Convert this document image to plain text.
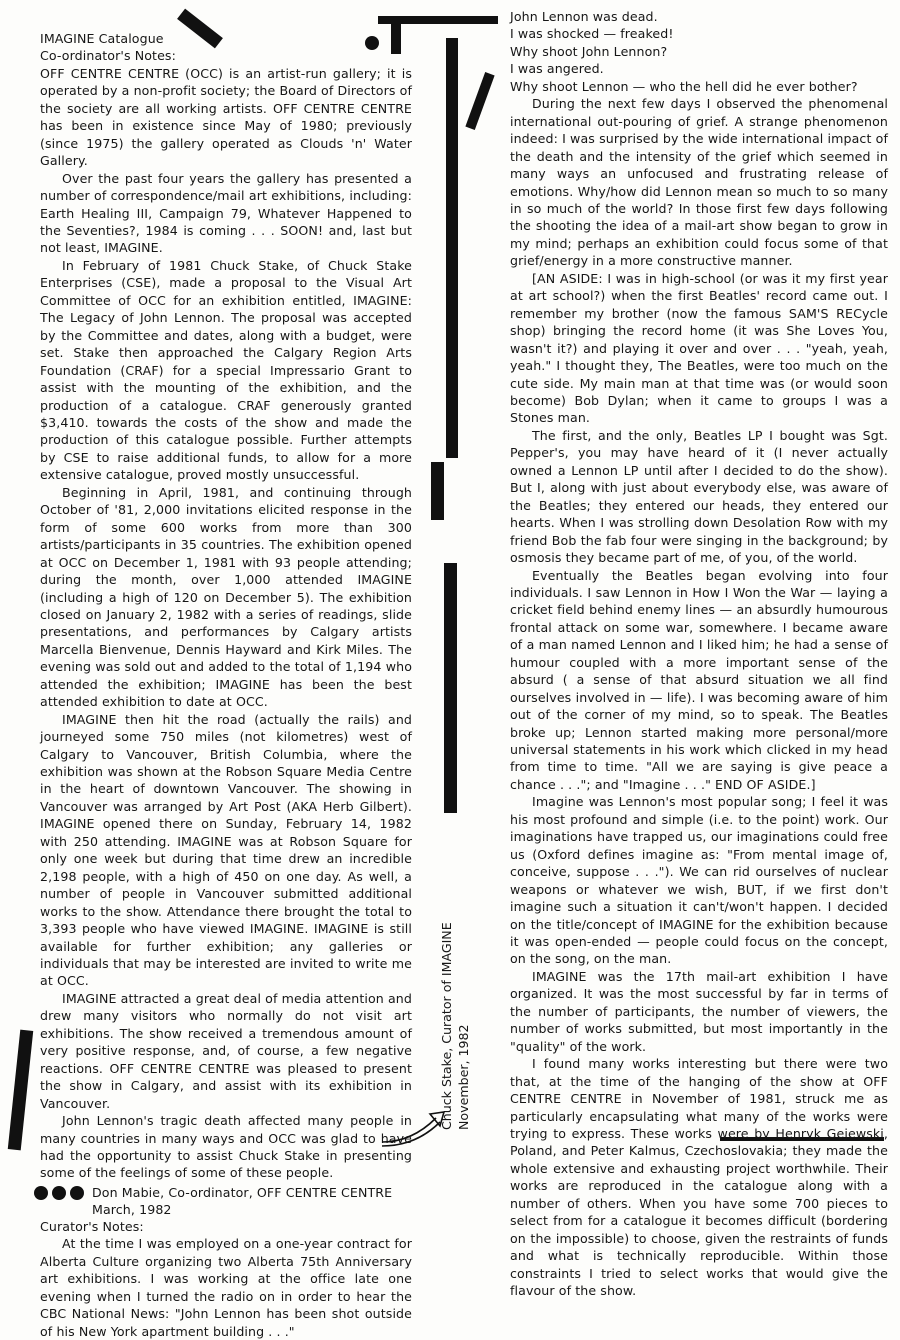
IMAGINE Catalogue
Co-ordinator's Notes:

OFF CENTRE CENTRE (OCC) is an artist-run gallery; it is operated by a non-profit society; the Board of Directors of the society are all working artists. OFF CENTRE CENTRE has been in existence since May of 1980; previously (since 1975) the gallery operated as Clouds 'n' Water Gallery.

Over the past four years the gallery has presented a number of correspondence/mail art exhibitions, including: Earth Healing III, Campaign 79, Whatever Happened to the Seventies?, 1984 is coming . . . SOON! and, last but not least, IMAGINE.

In February of 1981 Chuck Stake, of Chuck Stake Enterprises (CSE), made a proposal to the Visual Art Committee of OCC for an exhibition entitled, IMAGINE: The Legacy of John Lennon. The proposal was accepted by the Committee and dates, along with a budget, were set. Stake then approached the Calgary Region Arts Foundation (CRAF) for a special Impressario Grant to assist with the mounting of the exhibition, and the production of a catalogue. CRAF generously granted $3,410. towards the costs of the show and made the production of this catalogue possible. Further attempts by CSE to raise additional funds, to allow for a more extensive catalogue, proved mostly unsuccessful.

Beginning in April, 1981, and continuing through October of '81, 2,000 invitations elicited response in the form of some 600 works from more than 300 artists/participants in 35 countries. The exhibition opened at OCC on December 1, 1981 with 93 people attending; during the month, over 1,000 attended IMAGINE (including a high of 120 on December 5). The exhibition closed on January 2, 1982 with a series of readings, slide presentations, and performances by Calgary artists Marcella Bienvenue, Dennis Hayward and Kirk Miles. The evening was sold out and added to the total of 1,194 who attended the exhibition; IMAGINE has been the best attended exhibition to date at OCC.

IMAGINE then hit the road (actually the rails) and journeyed some 750 miles (not kilometres) west of Calgary to Vancouver, British Columbia, where the exhibition was shown at the Robson Square Media Centre in the heart of downtown Vancouver. The showing in Vancouver was arranged by Art Post (AKA Herb Gilbert). IMAGINE opened there on Sunday, February 14, 1982 with 250 attending. IMAGINE was at Robson Square for only one week but during that time drew an incredible 2,198 people, with a high of 450 on one day. As well, a number of people in Vancouver submitted additional works to the show. Attendance there brought the total to 3,393 people who have viewed IMAGINE. IMAGINE is still available for further exhibition; any galleries or individuals that may be interested are invited to write me at OCC.

IMAGINE attracted a great deal of media attention and drew many visitors who normally do not visit art exhibitions. The show received a tremendous amount of very positive response, and, of course, a few negative reactions. OFF CENTRE CENTRE was pleased to present the show in Calgary, and assist with its exhibition in Vancouver.

John Lennon's tragic death affected many people in many countries in many ways and OCC was glad to have had the opportunity to assist Chuck Stake in presenting some of the feelings of some of these people.

Don Mabie, Co-ordinator, OFF CENTRE CENTRE
March, 1982
Curator's Notes:

At the time I was employed on a one-year contract for Alberta Culture organizing two Alberta 75th Anniversary art exhibitions. I was working at the office late one evening when I turned the radio on in order to hear the CBC National News: "John Lennon has been shot outside of his New York apartment building . . ."

Chuck Stake, Curator of IMAGINE November, 1982
John Lennon was dead.
I was shocked — freaked!
Why shoot John Lennon?
I was angered.
Why shoot Lennon — who the hell did he ever bother?

During the next few days I observed the phenomenal international out-pouring of grief. A strange phenomenon indeed: I was surprised by the wide international impact of the death and the intensity of the grief which seemed in many ways an unfocused and frustrating release of emotions. Why/how did Lennon mean so much to so many in so much of the world? In those first few days following the shooting the idea of a mail-art show began to grow in my mind; perhaps an exhibition could focus some of that grief/energy in a more constructive manner.

[AN ASIDE: I was in high-school (or was it my first year at art school?) when the first Beatles' record came out. I remember my brother (now the famous SAM'S RECycle shop) bringing the record home (it was She Loves You, wasn't it?) and playing it over and over . . . "yeah, yeah, yeah." I thought they, The Beatles, were too much on the cute side. My main man at that time was (or would soon become) Bob Dylan; when it came to groups I was a Stones man.

The first, and the only, Beatles LP I bought was Sgt. Pepper's, you may have heard of it (I never actually owned a Lennon LP until after I decided to do the show). But I, along with just about everybody else, was aware of the Beatles; they entered our heads, they entered our hearts. When I was strolling down Desolation Row with my friend Bob the fab four were singing in the background; by osmosis they became part of me, of you, of the world.

Eventually the Beatles began evolving into four individuals. I saw Lennon in How I Won the War — laying a cricket field behind enemy lines — an absurdly humourous frontal attack on some war, somewhere. I became aware of a man named Lennon and I liked him; he had a sense of humour coupled with a more important sense of the absurd ( a sense of that absurd situation we all find ourselves involved in — life). I was becoming aware of him out of the corner of my mind, so to speak. The Beatles broke up; Lennon started making more personal/more universal statements in his work which clicked in my head from time to time. "All we are saying is give peace a chance . . ."; and "Imagine . . ." END OF ASIDE.]

Imagine was Lennon's most popular song; I feel it was his most profound and simple (i.e. to the point) work. Our imaginations have trapped us, our imaginations could free us (Oxford defines imagine as: "From mental image of, conceive, suppose . . ."). We can rid ourselves of nuclear weapons or whatever we wish, BUT, if we first don't imagine such a situation it can't/won't happen. I decided on the title/concept of IMAGINE for the exhibition because it was open-ended — people could focus on the concept, on the song, on the man.

IMAGINE was the 17th mail-art exhibition I have organized. It was the most successful by far in terms of the number of participants, the number of viewers, the number of works submitted, but most importantly in the "quality" of the work.

I found many works interesting but there were two that, at the time of the hanging of the show at OFF CENTRE CENTRE in November of 1981, struck me as particularly encapsulating what many of the works were trying to express. These works were by Henryk Gejewski, Poland, and Peter Kalmus, Czechoslovakia; they made the whole extensive and exhausting project worthwhile. Their works are reproduced in the catalogue along with a number of others. When you have some 700 pieces to select from for a catalogue it becomes difficult (bordering on the impossible) to choose, given the restraints of funds and what is technically reproducible. Within those constraints I tried to select works that would give the flavour of the show.
